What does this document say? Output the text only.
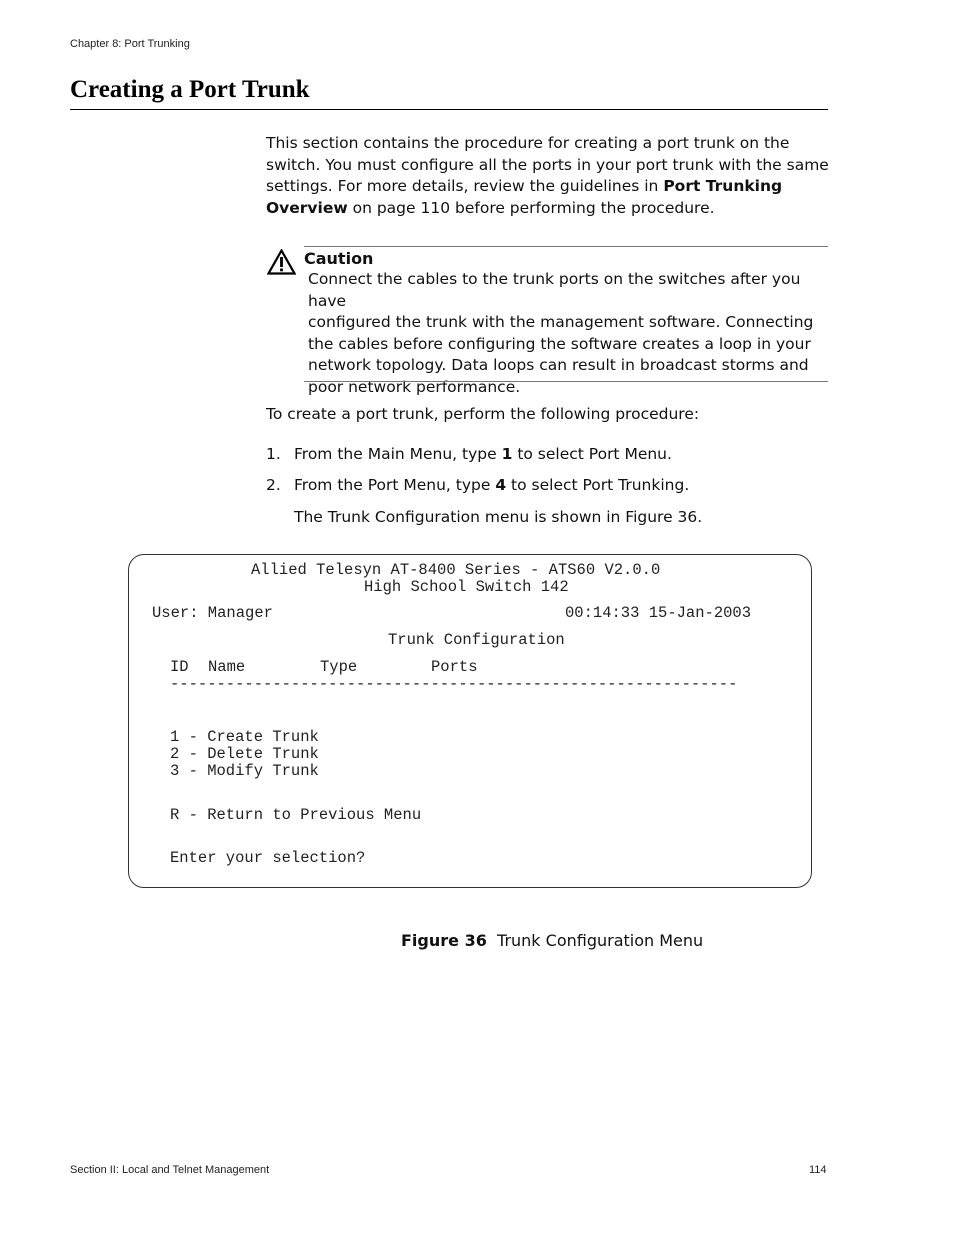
Chapter 8: Port Trunking
Creating a Port Trunk
This section contains the procedure for creating a port trunk on the switch. You must configure all the ports in your port trunk with the same settings. For more details, review the guidelines in Port Trunking Overview on page 110 before performing the procedure.
Caution
Connect the cables to the trunk ports on the switches after you have
configured the trunk with the management software. Connecting
the cables before configuring the software creates a loop in your
network topology. Data loops can result in broadcast storms and
poor network performance.
To create a port trunk, perform the following procedure:
1. From the Main Menu, type 1 to select Port Menu.
2. From the Port Menu, type 4 to select Port Trunking.
The Trunk Configuration menu is shown in Figure 36.
Allied Telesyn AT-8400 Series - ATS60 V2.0.0
High School Switch 142
User: Manager	00:14:33 15-Jan-2003
Trunk Configuration
ID Name	Type	Ports
-------------------------------------------------------------
1 - Create Trunk
2 - Delete Trunk
3 - Modify Trunk
R - Return to Previous Menu
Enter your selection?
Figure 36 Trunk Configuration Menu
Section II: Local and Telnet Management	114
